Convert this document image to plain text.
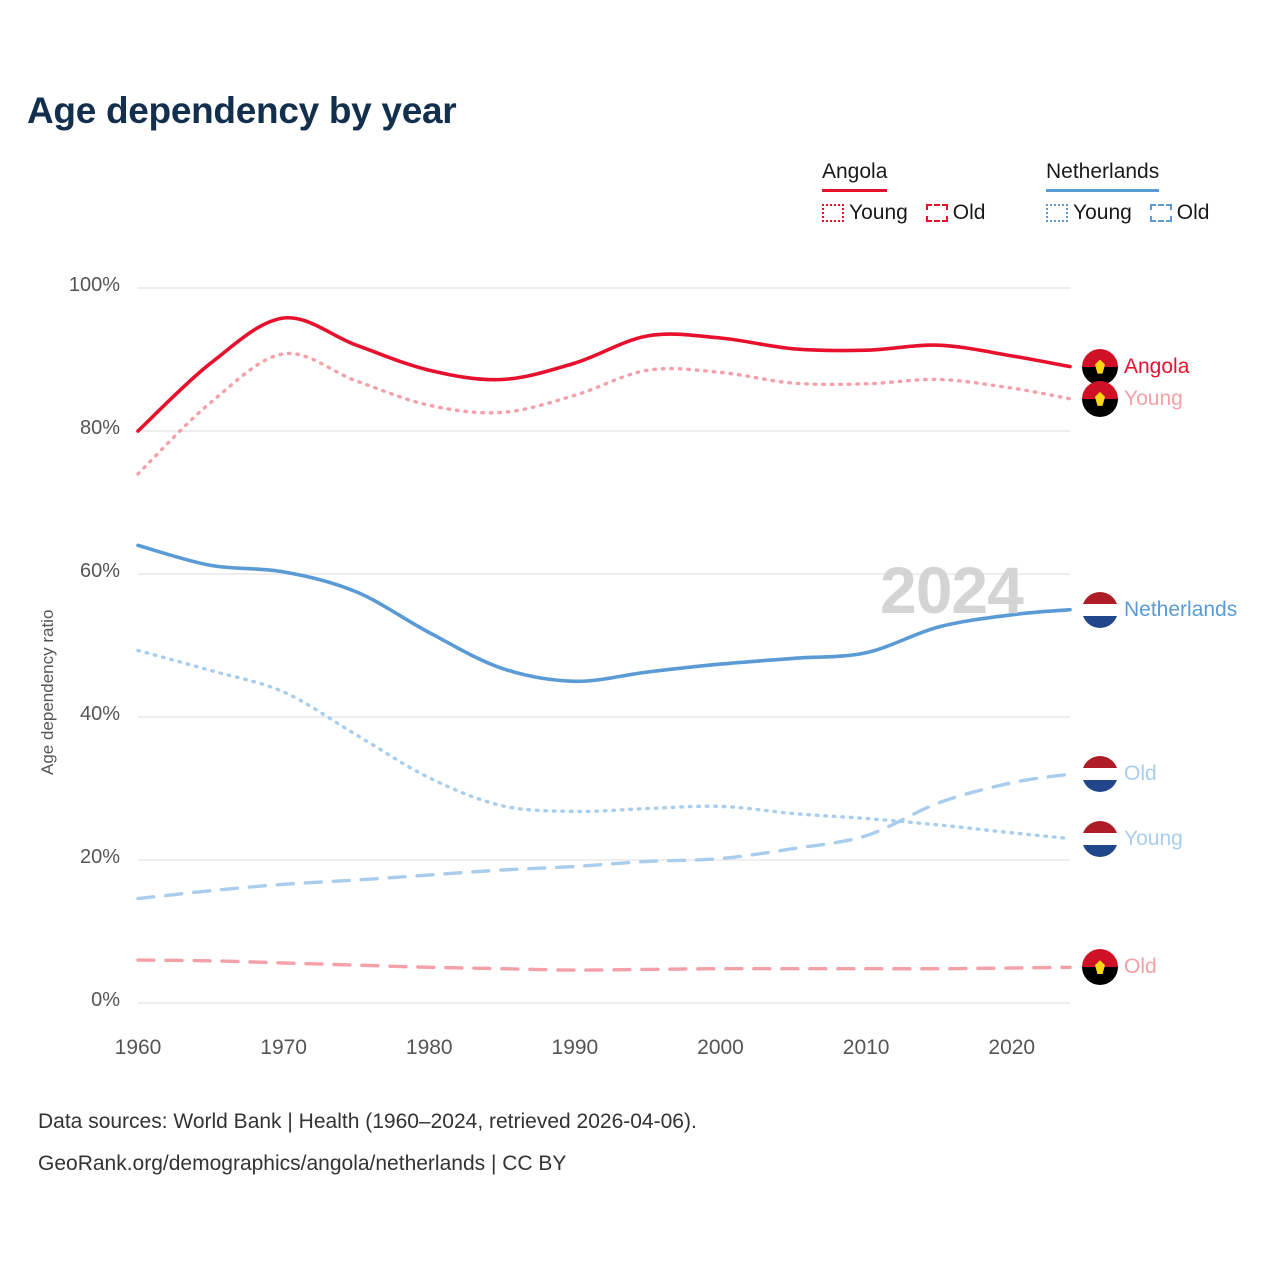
Age dependency by year
Angola
Young Old
Netherlands
Young Old
Age dependency ratio
2024
0%
20%
40%
60%
80%
100%
1960	1970	1980	1990	2000	2010	2020
Angola
Young
Netherlands
Old
Young
Old
Data sources: World Bank | Health (1960–2024, retrieved 2026-04-06).
GeoRank.org/demographics/angola/netherlands | CC BY
